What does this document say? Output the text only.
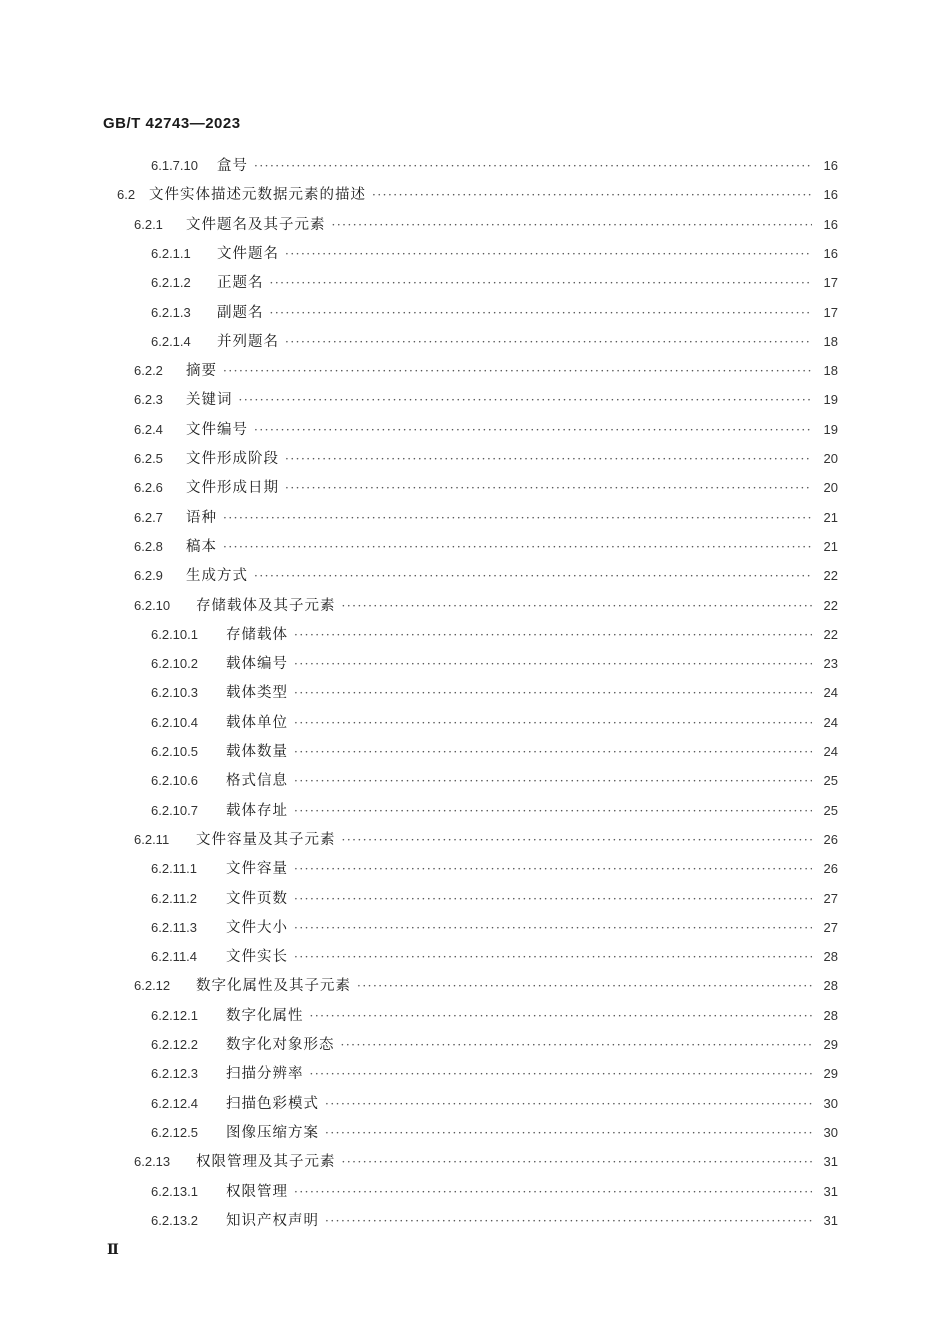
GB/T 42743—2023
6.1.7.10	盒号 ·····	16
6.2 文件实体描述元数据元素的描述 ·····	16
6.2.1	文件题名及其子元素 ·····	16
6.2.1.1	文件题名 ·····	16
6.2.1.2	正题名 ·····	17
6.2.1.3	副题名 ·····	17
6.2.1.4	并列题名 ·····	18
6.2.2	摘要 ·····	18
6.2.3	关键词 ·····	19
6.2.4	文件编号 ·····	19
6.2.5	文件形成阶段 ·····	20
6.2.6	文件形成日期 ·····	20
6.2.7	语种 ·····	21
6.2.8	稿本 ·····	21
6.2.9	生成方式 ·····	22
6.2.10	存储载体及其子元素 ·····	22
6.2.10.1	存储载体 ·····	22
6.2.10.2	载体编号 ·····	23
6.2.10.3	载体类型 ·····	24
6.2.10.4	载体单位 ·····	24
6.2.10.5	载体数量 ·····	24
6.2.10.6	格式信息 ·····	25
6.2.10.7	载体存址 ·····	25
6.2.11	文件容量及其子元素 ·····	26
6.2.11.1	文件容量 ·····	26
6.2.11.2	文件页数 ·····	27
6.2.11.3	文件大小 ·····	27
6.2.11.4	文件实长 ·····	28
6.2.12	数字化属性及其子元素 ·····	28
6.2.12.1	数字化属性 ·····	28
6.2.12.2	数字化对象形态 ·····	29
6.2.12.3	扫描分辨率 ·····	29
6.2.12.4	扫描色彩模式 ·····	30
6.2.12.5	图像压缩方案 ·····	30
6.2.13	权限管理及其子元素 ·····	31
6.2.13.1	权限管理 ·····	31
6.2.13.2	知识产权声明 ·····	31
Ⅱ
